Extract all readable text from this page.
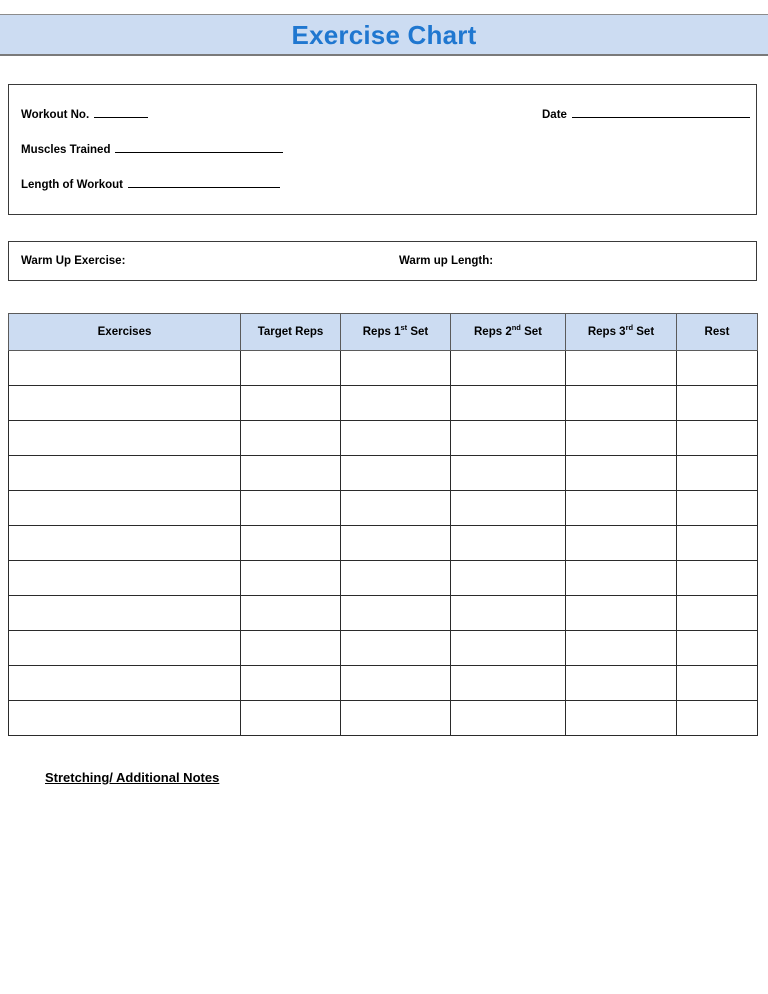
Exercise Chart
Workout No.	Date
Muscles Trained
Length of Workout
Warm Up Exercise:	Warm up Length:
Exercises	Target Reps	Reps 1st Set	Reps 2nd Set	Reps 3rd Set	Rest

Stretching/ Additional Notes
